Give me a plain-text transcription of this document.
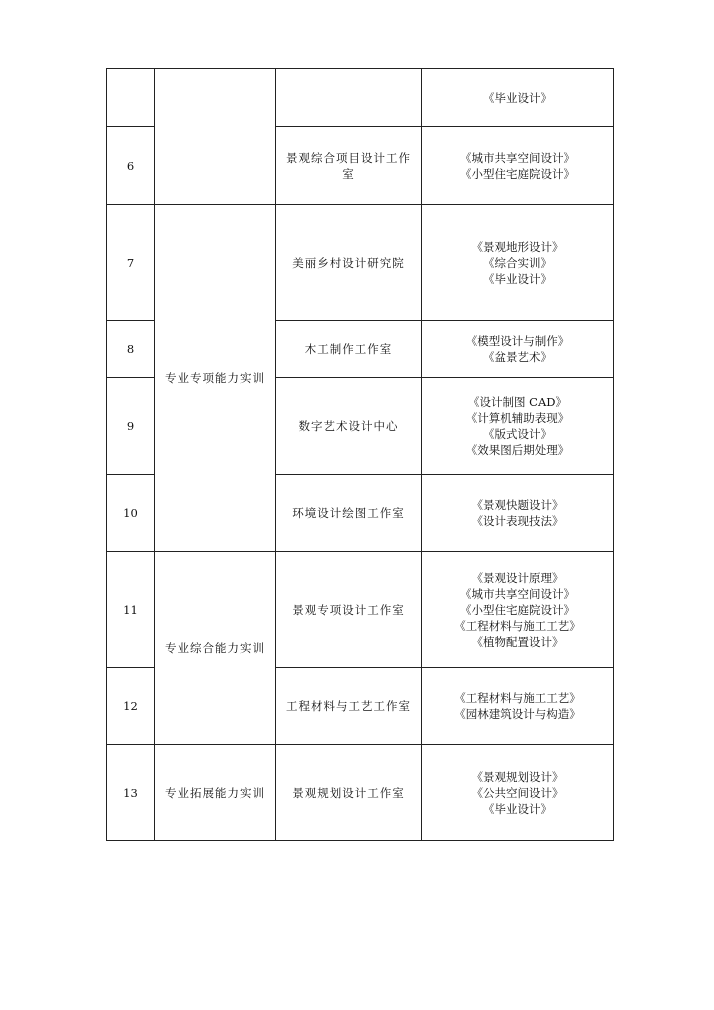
			《毕业设计》

6		景观综合项目设计工作室	《城市共享空间设计》
《小型住宅庭院设计》

7	专业专项能力实训	美丽乡村设计研究院	《景观地形设计》
《综合实训》
《毕业设计》

8		木工制作工作室	《模型设计与制作》
《盆景艺术》

9		数字艺术设计中心	《设计制图 CAD》
《计算机辅助表现》
《版式设计》
《效果图后期处理》

10		环境设计绘图工作室	《景观快题设计》
《设计表现技法》

11	专业综合能力实训	景观专项设计工作室	《景观设计原理》
《城市共享空间设计》
《小型住宅庭院设计》
《工程材料与施工工艺》
《植物配置设计》

12		工程材料与工艺工作室	《工程材料与施工工艺》
《园林建筑设计与构造》

13	专业拓展能力实训	景观规划设计工作室	《景观规划设计》
《公共空间设计》
《毕业设计》
